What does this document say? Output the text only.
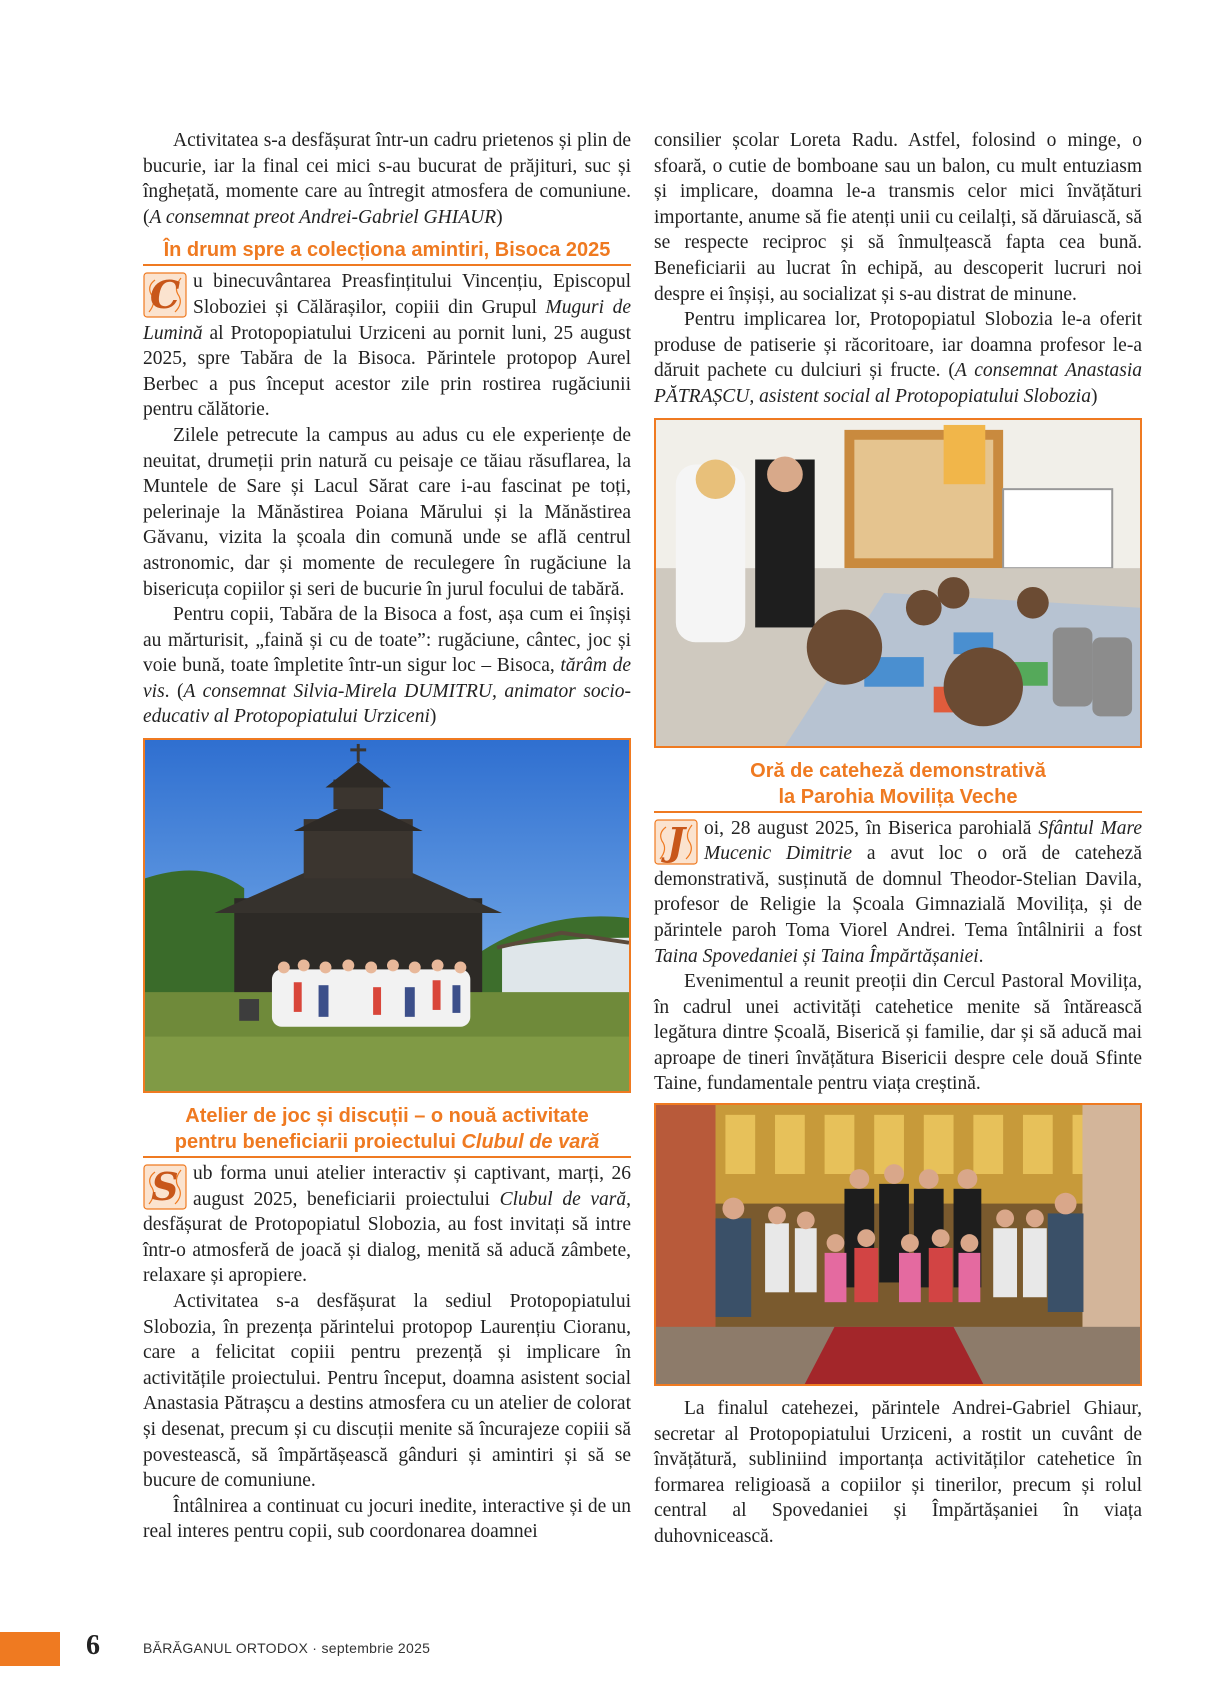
Activitatea s-a desfășurat într-un cadru prietenos și plin de bucurie, iar la final cei mici s-au bucurat de prăjituri, suc și înghețată, momente care au întregit atmosfera de comuniune. (A consemnat preot Andrei-Gabriel GHIAUR)

În drum spre a colecționa amintiri, Bisoca 2025

C u binecuvântarea Preasfințitului Vincențiu, Episcopul Sloboziei și Călărașilor, copiii din Grupul Muguri de Lumină al Protopopiatului Urziceni au pornit luni, 25 august 2025, spre Tabăra de la Bisoca. Părintele protopop Aurel Berbec a pus început acestor zile prin rostirea rugăciunii pentru călătorie.

Zilele petrecute la campus au adus cu ele experiențe de neuitat, drumeții prin natură cu peisaje ce tăiau răsuflarea, la Muntele de Sare și Lacul Sărat care i-au fascinat pe toți, pelerinaje la Mănăstirea Poiana Mărului și la Mănăstirea Găvanu, vizita la școala din comună unde se află centrul astronomic, dar și momente de reculegere în rugăciune la bisericuța copiilor și seri de bucurie în jurul focului de tabără.

Pentru copii, Tabăra de la Bisoca a fost, așa cum ei înșiși au mărturisit, „faină și cu de toate”: rugăciune, cântec, joc și voie bună, toate împletite într-un sigur loc – Bisoca, tărâm de vis. (A consemnat Silvia-Mirela DUMITRU, animator socio-educativ al Protopopiatului Urziceni)

Atelier de joc și discuții – o nouă activitate
pentru beneficiarii proiectului Clubul de vară

S ub forma unui atelier interactiv și captivant, marți, 26 august 2025, beneficiarii proiectului Clubul de vară, desfășurat de Protopopiatul Slobozia, au fost invitați să intre într-o atmosferă de joacă și dialog, menită să aducă zâmbete, relaxare și apropiere.

Activitatea s-a desfășurat la sediul Protopopiatului Slobozia, în prezența părintelui protopop Laurențiu Cioranu, care a felicitat copiii pentru prezență și implicare în activitățile proiectului. Pentru început, doamna asistent social Anastasia Pătrașcu a destins atmosfera cu un atelier de colorat și desenat, precum și cu discuții menite să încurajeze copiii să povestească, să împărtășească gânduri și amintiri și să se bucure de comuniune.

Întâlnirea a continuat cu jocuri inedite, interactive și de un real interes pentru copii, sub coordonarea doamnei

consilier școlar Loreta Radu. Astfel, folosind o minge, o sfoară, o cutie de bomboane sau un balon, cu mult entuziasm și implicare, doamna le-a transmis celor mici învățături importante, anume să fie atenți unii cu ceilalți, să dăruiască, să se respecte reciproc și să înmulțească fapta cea bună. Beneficiarii au lucrat în echipă, au descoperit lucruri noi despre ei înșiși, au socializat și s-au distrat de minune.

Pentru implicarea lor, Protopopiatul Slobozia le-a oferit produse de patiserie și răcoritoare, iar doamna profesor le-a dăruit pachete cu dulciuri și fructe. (A consemnat Anastasia PĂTRAȘCU, asistent social al Protopopiatului Slobozia)

Oră de cateheză demonstrativă
la Parohia Movilița Veche

J oi, 28 august 2025, în Biserica parohială Sfântul Mare Mucenic Dimitrie a avut loc o oră de cateheză demonstrativă, susținută de domnul Theodor-Stelian Davila, profesor de Religie la Școala Gimnazială Movilița, și de părintele paroh Toma Viorel Andrei. Tema întâlnirii a fost Taina Spovedaniei și Taina Împărtășaniei.

Evenimentul a reunit preoții din Cercul Pastoral Movilița, în cadrul unei activități catehetice menite să întărească legătura dintre Școală, Biserică și familie, dar și să aducă mai aproape de tineri învățătura Bisericii despre cele două Sfinte Taine, fundamentale pentru viața creștină.

La finalul catehezei, părintele Andrei-Gabriel Ghiaur, secretar al Protopopiatului Urziceni, a rostit un cuvânt de învățătură, subliniind importanța activităților catehetice în formarea religioasă a copiilor și tinerilor, precum și rolul central al Spovedaniei și Împărtășaniei în viața duhovnicească.

6	BĂRĂGANUL ORTODOX · septembrie 2025
